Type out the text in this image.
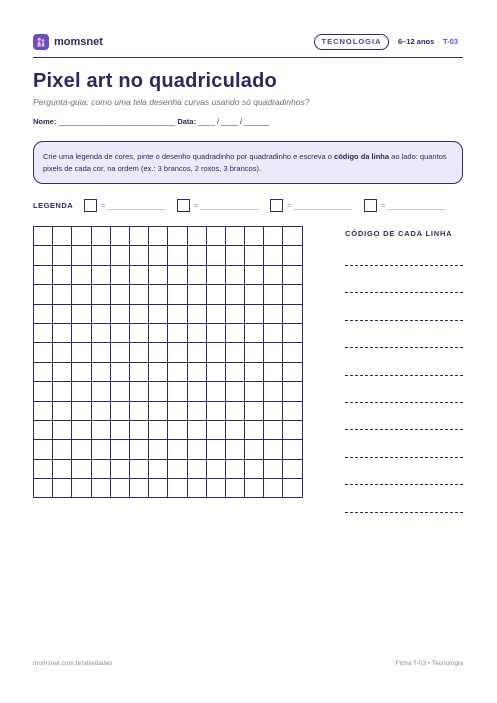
momsnet	TECNOLOGIA	6–12 anos T-03
Pixel art no quadriculado
Pergunta-guia: como uma tela desenha curvas usando só quadradinhos?
Nome: ____________________________ Data: ____ / ____ / ______
Crie uma legenda de cores, pinte o desenho quadradinho por quadradinho e escreva o código da linha ao lado: quantos pixels de cada cor, na ordem (ex.: 3 brancos, 2 roxos, 3 brancos).
LEGENDA	= ______________	= ______________	= ______________	= ______________

CÓDIGO DE CADA LINHA
momsnet.com.br/atividades	Ficha T-03 • Tecnologia
